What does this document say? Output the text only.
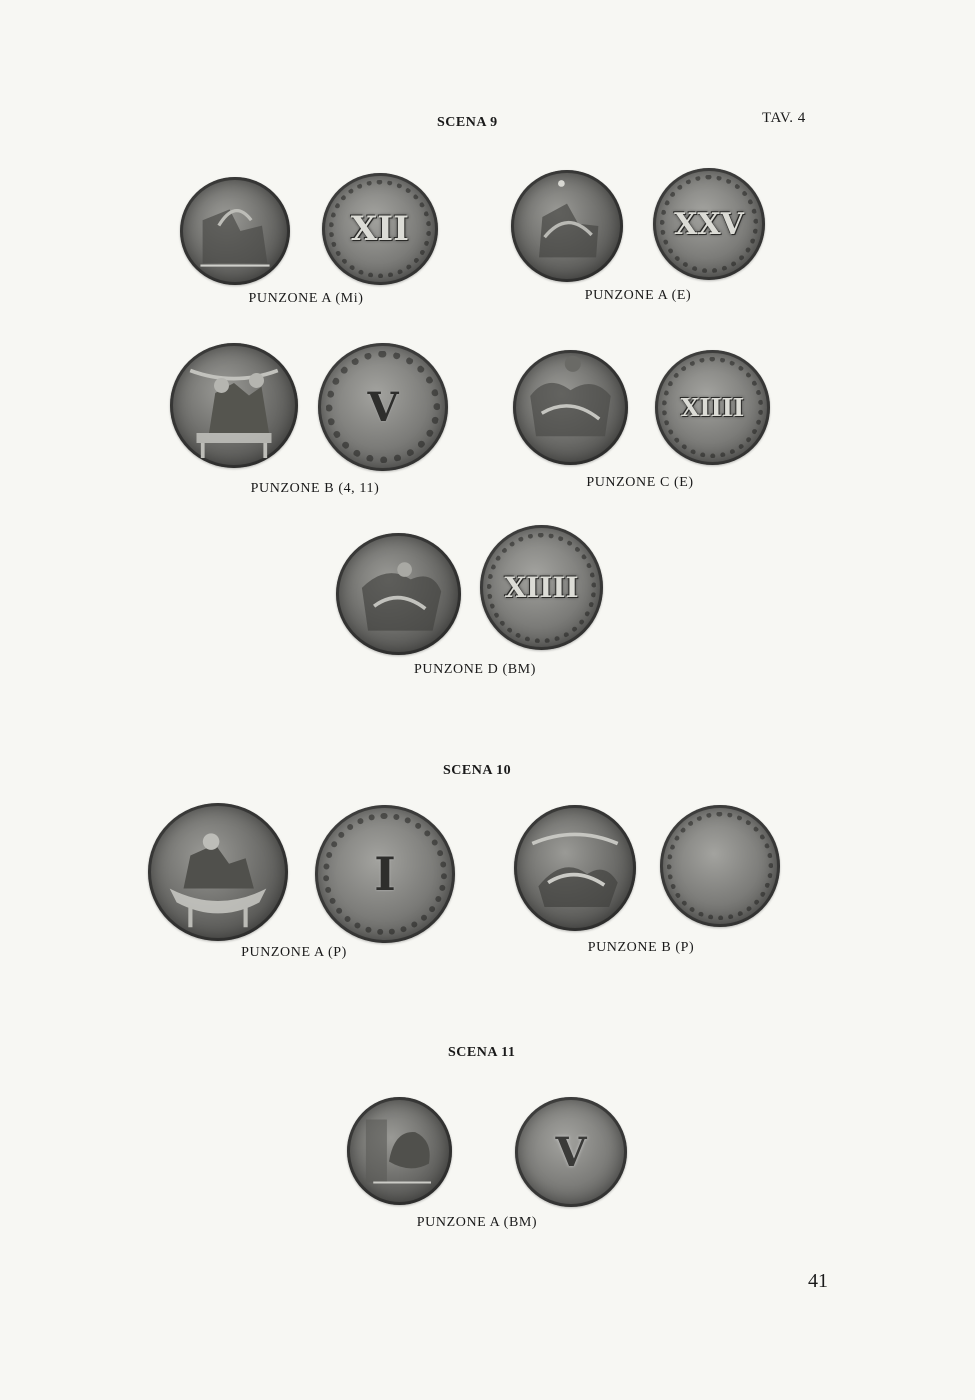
SCENA 9	TAV. 4
XII
PUNZONE A (Mi)
XXV
PUNZONE A (E)
V
PUNZONE B (4, 11)
XIIII
PUNZONE C (E)
XIIII
PUNZONE D (BM)
SCENA 10
I
PUNZONE A (P)	PUNZONE B (P)
SCENA 11
V
PUNZONE A (BM)
41
